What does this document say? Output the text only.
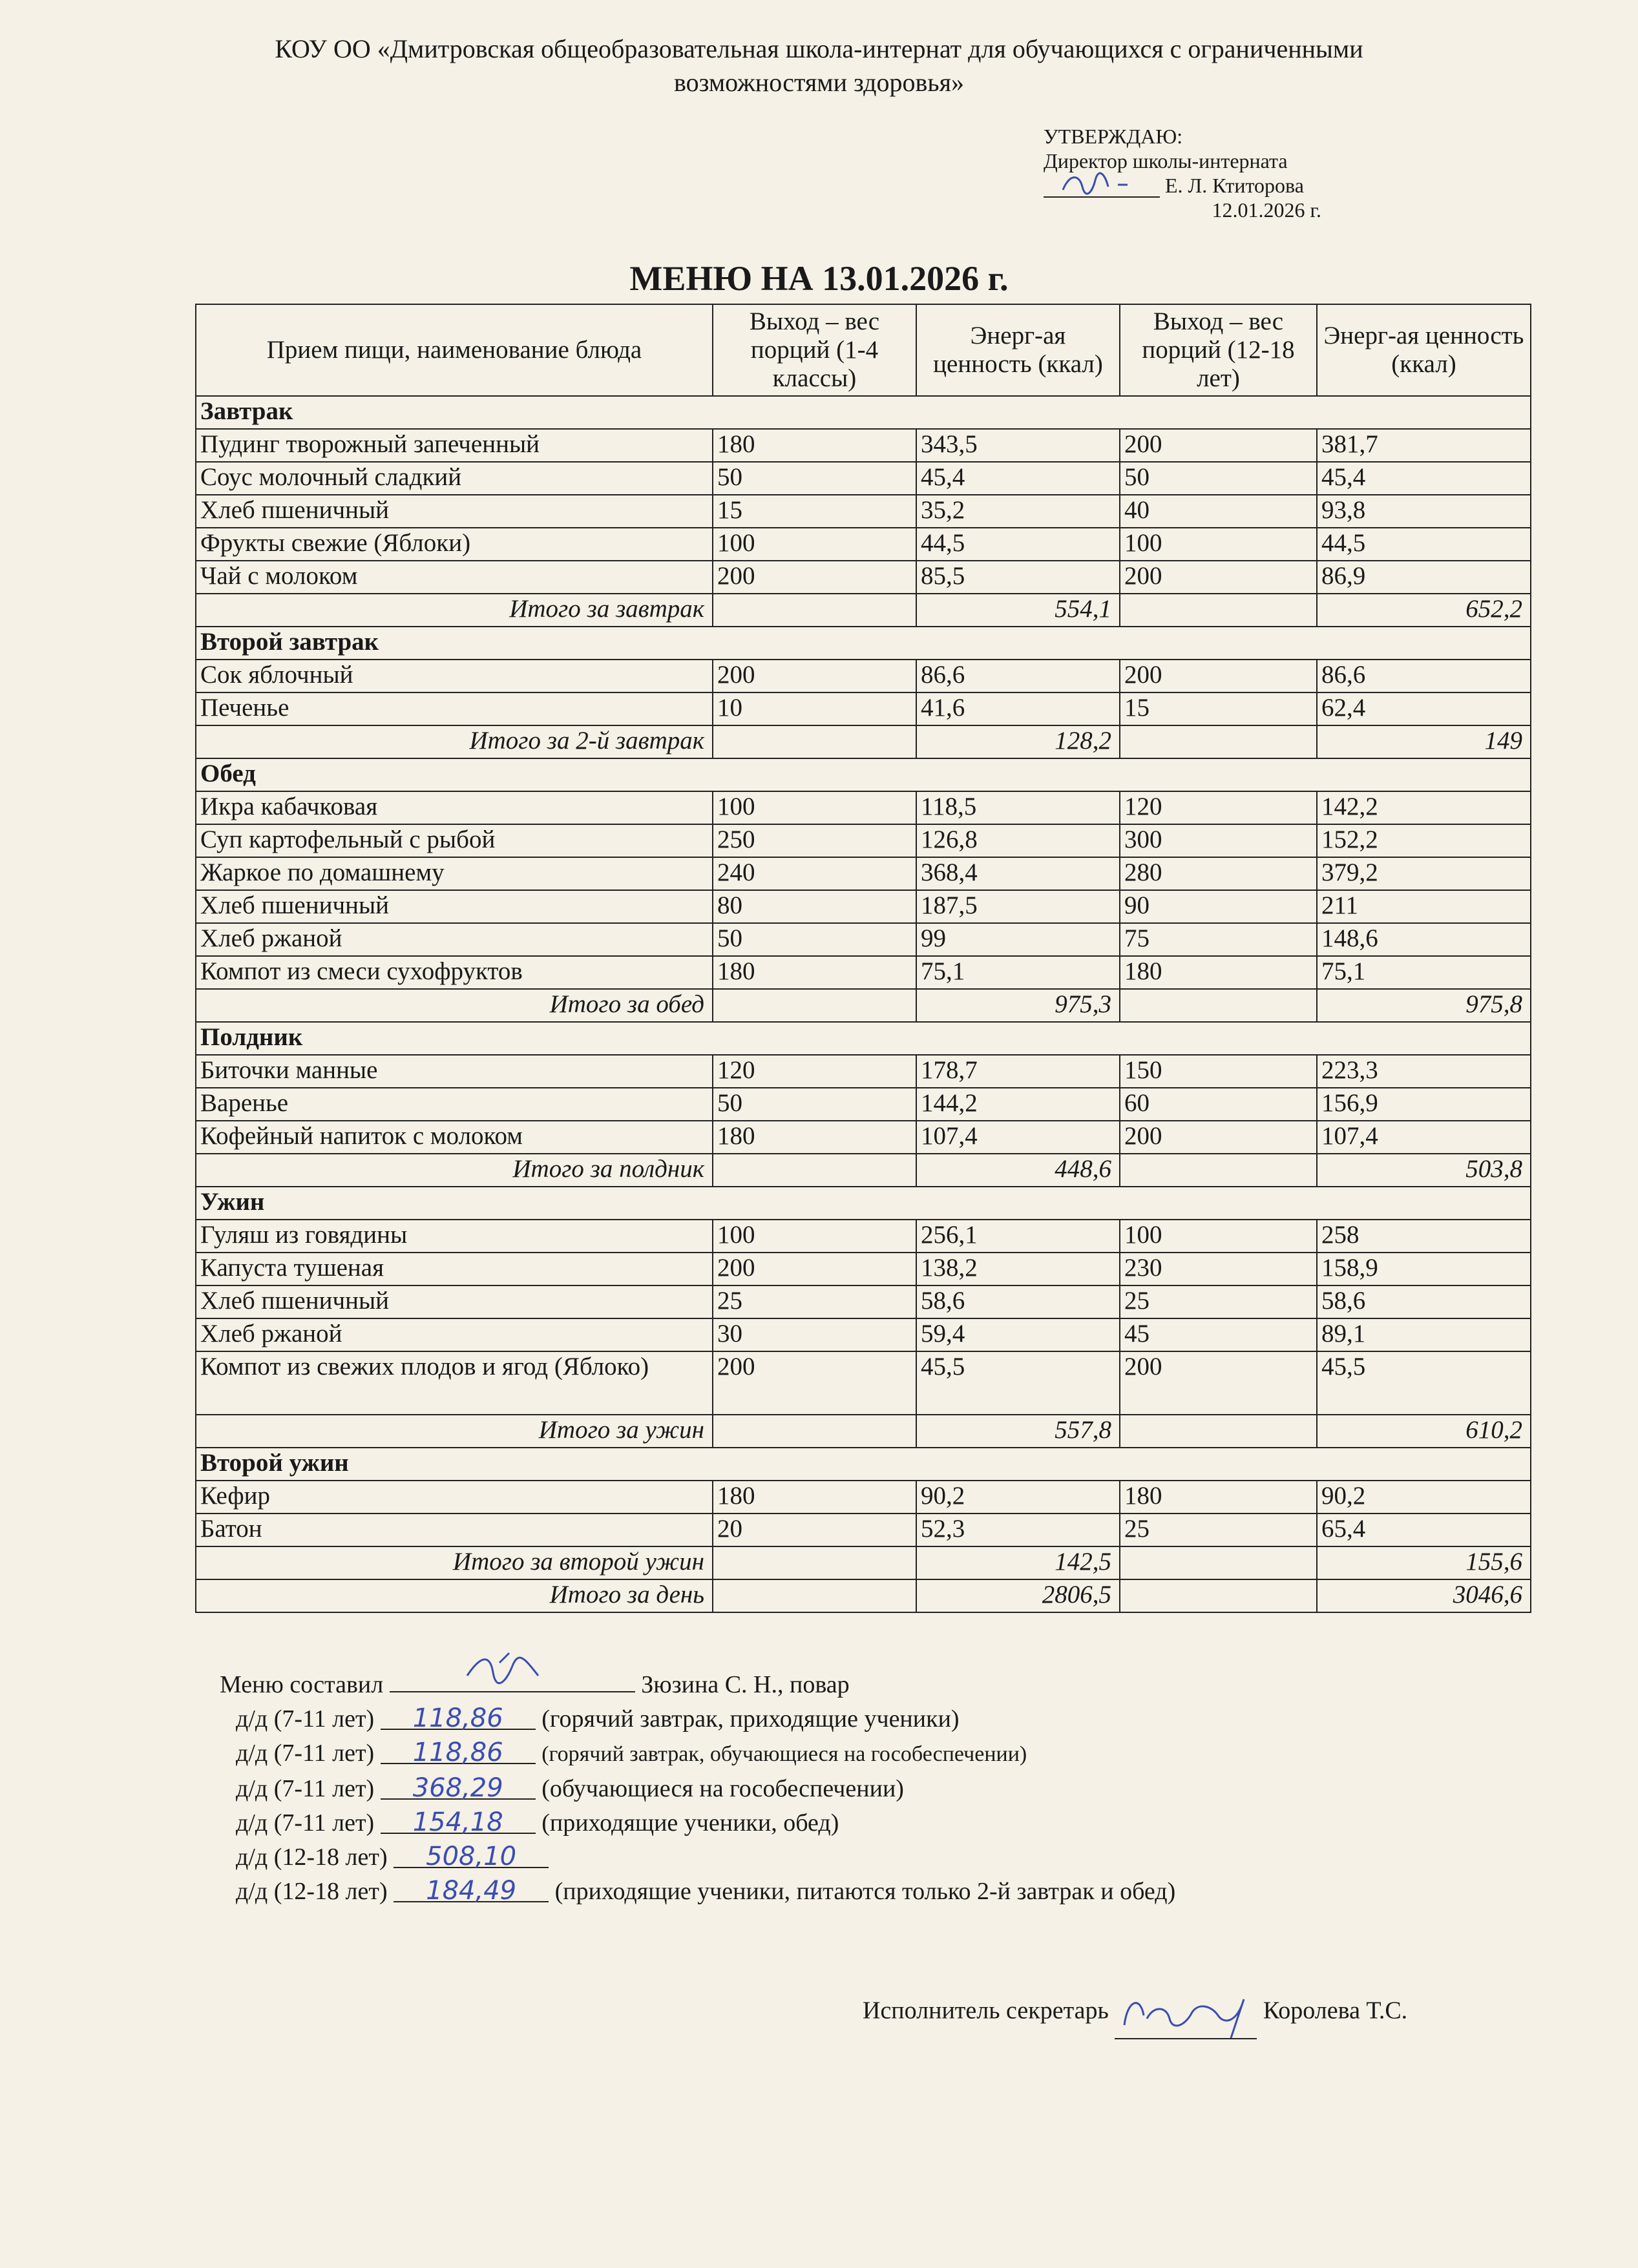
КОУ ОО «Дмитровская общеобразовательная школа-интернат для обучающихся с ограниченными
возможностями здоровья»
УТВЕРЖДАЮ:
Директор школы-интерната
Е. Л. Ктиторова
12.01.2026 г.
МЕНЮ НА 13.01.2026 г.
Прием пищи, наименование блюда	Выход – вес порций (1-4 классы)	Энерг-ая ценность (ккал)	Выход – вес порций (12-18 лет)	Энерг-ая ценность (ккал)
Завтрак				
Пудинг творожный запеченный	180	343,5	200	381,7
Соус молочный сладкий	50	45,4	50	45,4
Хлеб пшеничный	15	35,2	40	93,8
Фрукты свежие (Яблоки)	100	44,5	100	44,5
Чай с молоком	200	85,5	200	86,9
Итого за завтрак		554,1		652,2
Второй завтрак				
Сок яблочный	200	86,6	200	86,6
Печенье	10	41,6	15	62,4
Итого за 2-й завтрак		128,2		149
Обед				
Икра кабачковая	100	118,5	120	142,2
Суп картофельный с рыбой	250	126,8	300	152,2
Жаркое по домашнему	240	368,4	280	379,2
Хлеб пшеничный	80	187,5	90	211
Хлеб ржаной	50	99	75	148,6
Компот из смеси сухофруктов	180	75,1	180	75,1
Итого за обед		975,3		975,8
Полдник				
Биточки манные	120	178,7	150	223,3
Варенье	50	144,2	60	156,9
Кофейный напиток с молоком	180	107,4	200	107,4
Итого за полдник		448,6		503,8
Ужин				
Гуляш из говядины	100	256,1	100	258
Капуста тушеная	200	138,2	230	158,9
Хлеб пшеничный	25	58,6	25	58,6
Хлеб ржаной	30	59,4	45	89,1
Компот из свежих плодов и ягод (Яблоко)	200	45,5	200	45,5
Итого за ужин		557,8		610,2
Второй ужин				
Кефир	180	90,2	180	90,2
Батон	20	52,3	25	65,4
Итого за второй ужин		142,5		155,6
Итого за день		2806,5		3046,6
Меню составил	Зюзина С. Н., повар
д/д (7-11 лет) 118,86 (горячий завтрак, приходящие ученики)
д/д (7-11 лет) 118,86 (горячий завтрак, обучающиеся на гособеспечении)
д/д (7-11 лет) 368,29 (обучающиеся на гособеспечении)
д/д (7-11 лет) 154,18 (приходящие ученики, обед)
д/д (12-18 лет) 508,10
д/д (12-18 лет) 184,49 (приходящие ученики, питаются только 2-й завтрак и обед)
Исполнитель секретарь	Королева Т.С.
